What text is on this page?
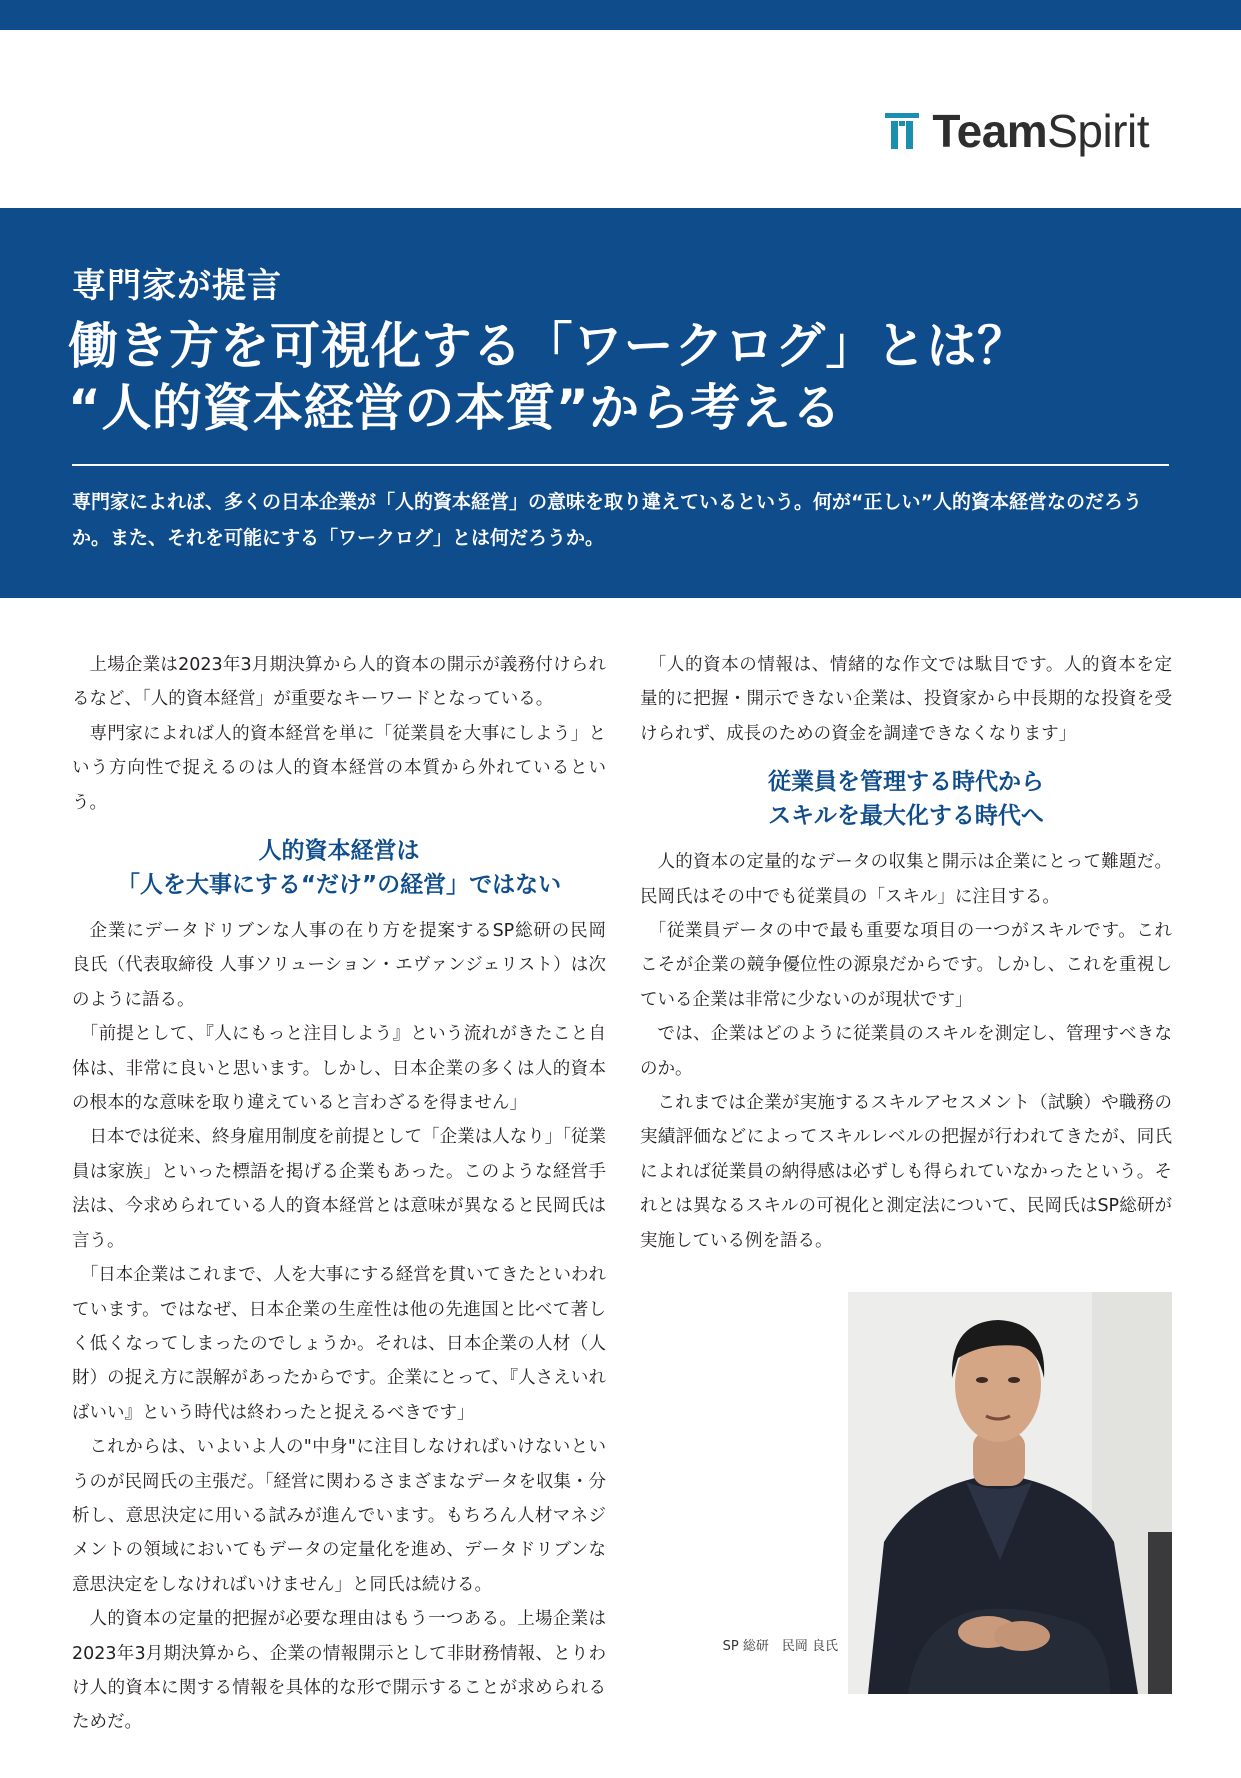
TeamSpirit
専門家が提言
働き方を可視化する「ワークログ」とは？
“人的資本経営の本質”から考える
専門家によれば、多くの日本企業が「人的資本経営」の意味を取り違えているという。何が“正しい”人的資本経営なのだろうか。また、それを可能にする「ワークログ」とは何だろうか。

上場企業は2023年3月期決算から人的資本の開示が義務付けられるなど、「人的資本経営」が重要なキーワードとなっている。

専門家によれば人的資本経営を単に「従業員を大事にしよう」という方向性で捉えるのは人的資本経営の本質から外れているという。

人的資本経営は
「人を大事にする“だけ”の経営」ではない

企業にデータドリブンな人事の在り方を提案するSP総研の民岡 良氏（代表取締役 人事ソリューション・エヴァンジェリスト）は次のように語る。

「前提として、『人にもっと注目しよう』という流れがきたこと自体は、非常に良いと思います。しかし、日本企業の多くは人的資本の根本的な意味を取り違えていると言わざるを得ません」

日本では従来、終身雇用制度を前提として「企業は人なり」「従業員は家族」といった標語を掲げる企業もあった。このような経営手法は、今求められている人的資本経営とは意味が異なると民岡氏は言う。

「日本企業はこれまで、人を大事にする経営を貫いてきたといわれています。ではなぜ、日本企業の生産性は他の先進国と比べて著しく低くなってしまったのでしょうか。それは、日本企業の人材（人財）の捉え方に誤解があったからです。企業にとって、『人さえいればいい』という時代は終わったと捉えるべきです」

これからは、いよいよ人の"中身"に注目しなければいけないというのが民岡氏の主張だ。「経営に関わるさまざまなデータを収集・分析し、意思決定に用いる試みが進んでいます。もちろん人材マネジメントの領域においてもデータの定量化を進め、データドリブンな意思決定をしなければいけません」と同氏は続ける。

人的資本の定量的把握が必要な理由はもう一つある。上場企業は2023年3月期決算から、企業の情報開示として非財務情報、とりわけ人的資本に関する情報を具体的な形で開示することが求められるためだ。

「人的資本の情報は、情緒的な作文では駄目です。人的資本を定量的に把握・開示できない企業は、投資家から中長期的な投資を受けられず、成長のための資金を調達できなくなります」

従業員を管理する時代から
スキルを最大化する時代へ

人的資本の定量的なデータの収集と開示は企業にとって難題だ。民岡氏はその中でも従業員の「スキル」に注目する。

「従業員データの中で最も重要な項目の一つがスキルです。これこそが企業の競争優位性の源泉だからです。しかし、これを重視している企業は非常に少ないのが現状です」

では、企業はどのように従業員のスキルを測定し、管理すべきなのか。

これまでは企業が実施するスキルアセスメント（試験）や職務の実績評価などによってスキルレベルの把握が行われてきたが、同氏によれば従業員の納得感は必ずしも得られていなかったという。それとは異なるスキルの可視化と測定法について、民岡氏はSP総研が実施している例を語る。

SP 総研　民岡 良氏
